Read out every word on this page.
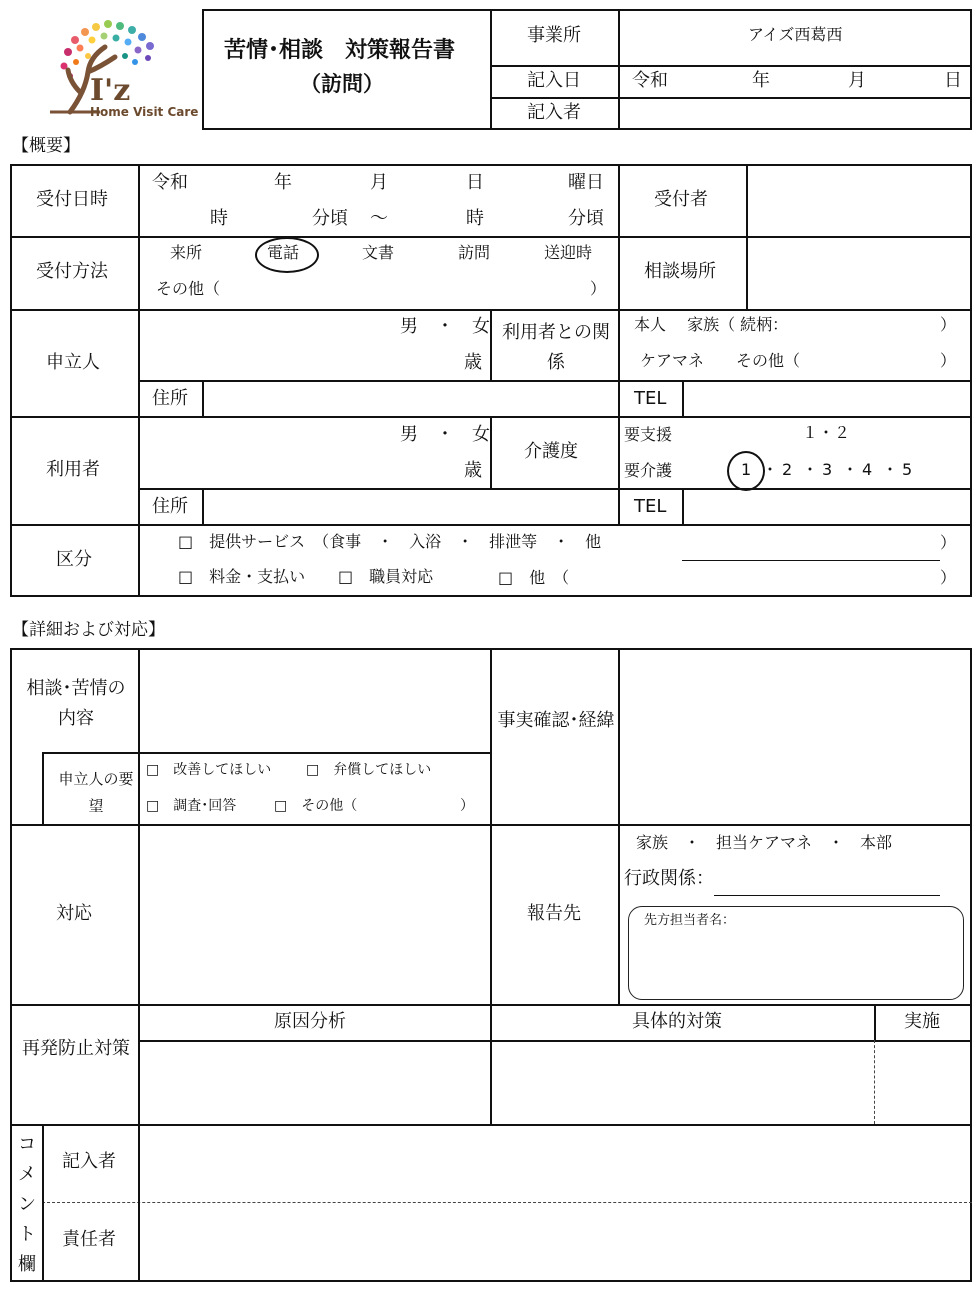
I'z
Home Visit Care
苦情･相談　対策報告書
（訪問）
事業所	アイズ西葛西
記入日	令和	年	月	日
記入者
【概要】
受付日時
令和	年	月	日	曜日
時	分頃 ～	時	分頃
受付者
受付方法
来所	電話	文書	訪問	送迎時
その他（	）
相談場所
申立人
男　・　女
歳
利用者との関係
本人　 家族（ 続柄：	）
ケアマネ　　その他（	）
住所	TEL
利用者
男　・　女
歳
介護度
要支援	１・２
要介護	1 ・ 2 ・ 3 ・ 4 ・ 5
住所	TEL
区分
□　提供サービス　（食事　・　入浴　・　排泄等　・　他	）
□　料金・支払い □　職員対応	□　他　（	）
【詳細および対応】
相談･苦情の内容
申立人の要望
□　改善してほしい □　弁償してほしい
□　調査･回答	□　その他（	）
事実確認･経緯
対応	報告先
家族　・　担当ケアマネ　・　本部
行政関係：
先方担当者名：
再発防止対策
原因分析	具体的対策	実施
コメント欄
記入者
責任者
